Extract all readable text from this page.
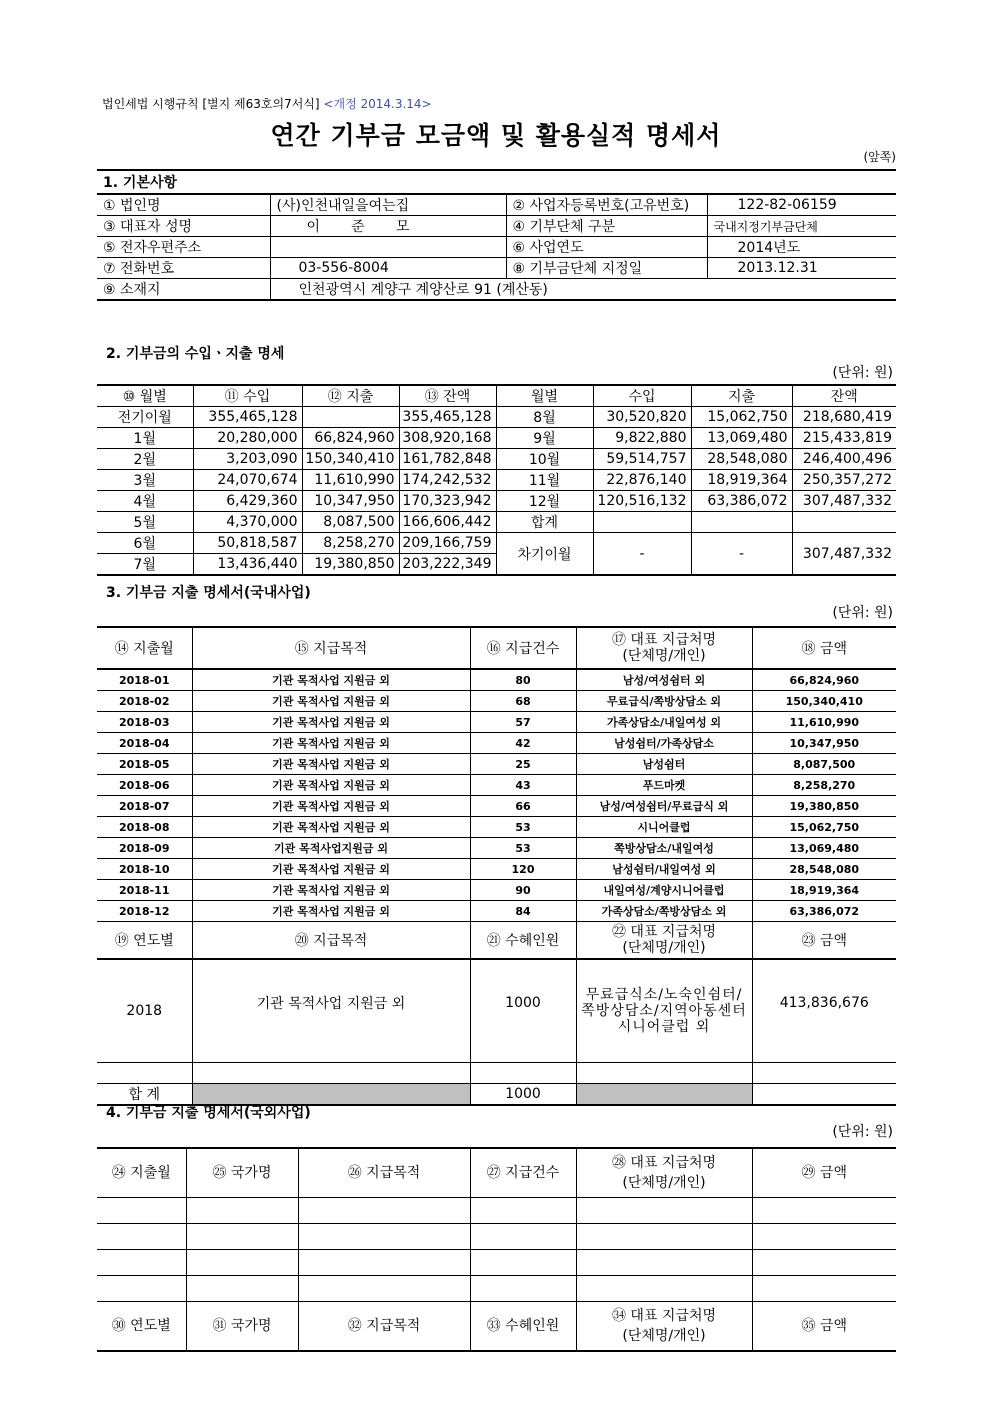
법인세법 시행규칙 [별지 제63호의7서식] <개정 2014.3.14>
연간 기부금 모금액 및 활용실적 명세서
(앞쪽)
1. 기본사항			
① 법인명	(사)인천내일을여는집	② 사업자등록번호(고유번호)	122-82-06159
③ 대표자 성명	이       준       모	④ 기부단체 구분	국내지정기부금단체
⑤ 전자우편주소		⑥ 사업연도	2014년도
⑦ 전화번호	03-556-8004	⑧ 기부금단체 지정일	2013.12.31
⑨ 소재지	인천광역시 계양구 계양산로 91 (계산동)		
2. 기부금의 수입ㆍ지출 명세
(단위: 원)
⑩ 월별	⑪ 수입	⑫ 지출	⑬ 잔액	월별	수입	지출	잔액
전기이월	355,465,128		355,465,128	8월	30,520,820	15,062,750	218,680,419
1월	20,280,000	66,824,960	308,920,168	9월	9,822,880	13,069,480	215,433,819
2월	3,203,090	150,340,410	161,782,848	10월	59,514,757	28,548,080	246,400,496
3월	24,070,674	11,610,990	174,242,532	11월	22,876,140	18,919,364	250,357,272
4월	6,429,360	10,347,950	170,323,942	12월	120,516,132	63,386,072	307,487,332
5월	4,370,000	8,087,500	166,606,442	합계			
6월	50,818,587	8,258,270	209,166,759	차기이월	-	-	307,487,332
7월	13,436,440	19,380,850	203,222,349				
3. 기부금 지출 명세서(국내사업)
(단위: 원)
⑭ 지출월	⑮ 지급목적	⑯ 지급건수	⑰ 대표 지급처명
(단체명/개인)	⑱ 금액
2018-01	기관 목적사업 지원금 외	80	남성/여성쉼터 외	66,824,960
2018-02	기관 목적사업 지원금 외	68	무료급식/쪽방상담소 외	150,340,410
2018-03	기관 목적사업 지원금 외	57	가족상담소/내일여성 외	11,610,990
2018-04	기관 목적사업 지원금 외	42	남성쉼터/가족상담소	10,347,950
2018-05	기관 목적사업 지원금 외	25	남성쉼터	8,087,500
2018-06	기관 목적사업 지원금 외	43	푸드마켓	8,258,270
2018-07	기관 목적사업 지원금 외	66	남성/여성쉼터/무료급식 외	19,380,850
2018-08	기관 목적사업 지원금 외	53	시니어클럽	15,062,750
2018-09	기관 목적사업지원금 외	53	쪽방상담소/내일여성	13,069,480
2018-10	기관 목적사업 지원금 외	120	남성쉼터/내일여성 외	28,548,080
2018-11	기관 목적사업 지원금 외	90	내일여성/계양시니어클럽	18,919,364
2018-12	기관 목적사업 지원금 외	84	가족상담소/쪽방상담소 외	63,386,072
⑲ 연도별	⑳ 지급목적	㉑ 수혜인원	㉒ 대표 지급처명
(단체명/개인)	㉓ 금액
2018	기관 목적사업 지원금 외	1000	무료급식소/노숙인쉼터/
쪽방상담소/지역아동센터
시니어클럽 외	413,836,676

합 계		1000		
4. 기부금 지출 명세서(국외사업)
(단위: 원)
㉔ 지출월	㉕ 국가명	㉖ 지급목적	㉗ 지급건수	㉘ 대표 지급처명
(단체명/개인)	㉙ 금액

㉚ 연도별	㉛ 국가명	㉜ 지급목적	㉝ 수혜인원	㉞ 대표 지급처명
(단체명/개인)	㉟ 금액
